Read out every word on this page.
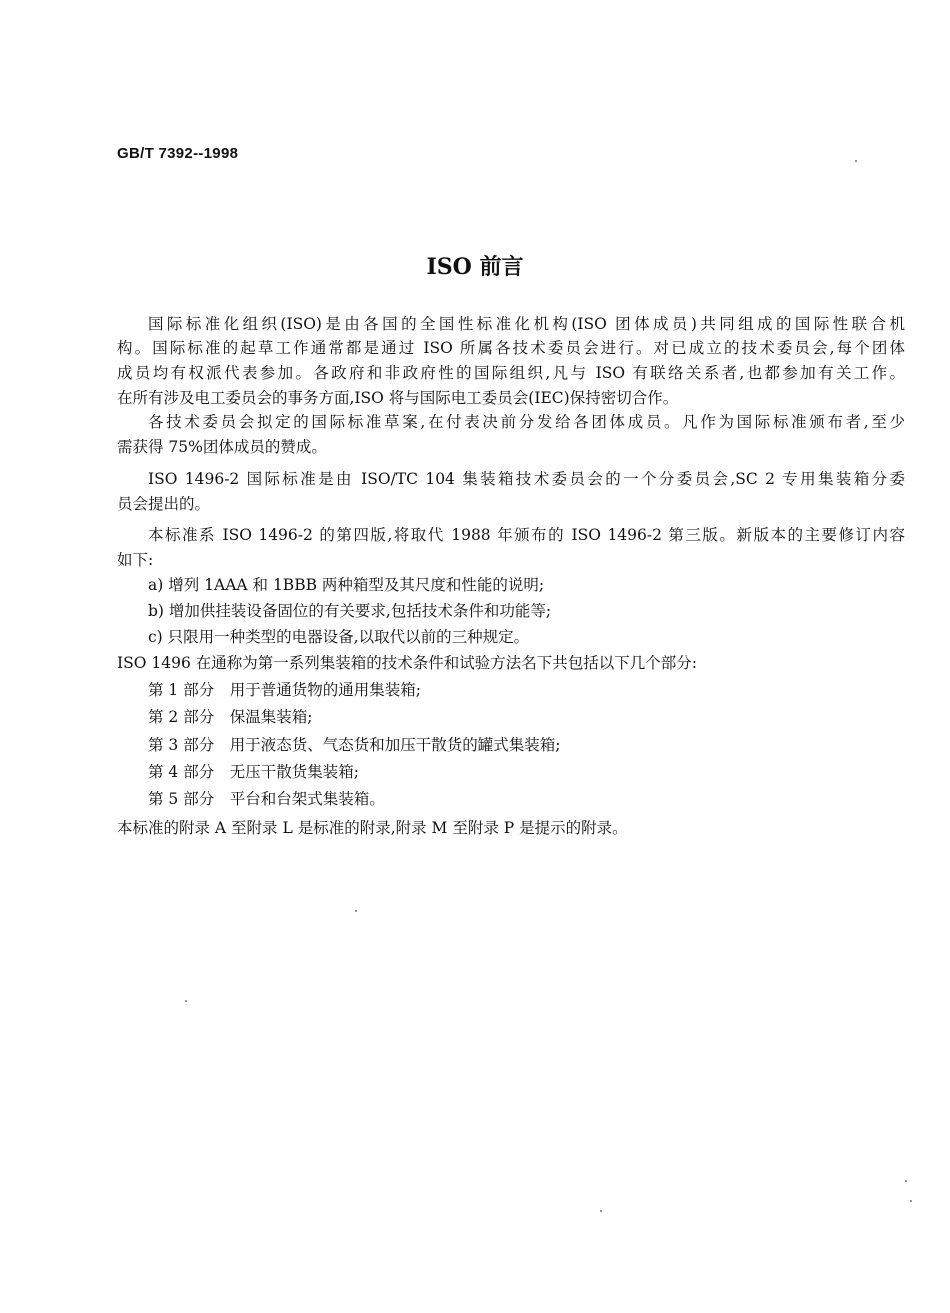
GB/T 7392--1998
ISO 前言
国际标准化组织(ISO)是由各国的全国性标准化机构(ISO 团体成员)共同组成的国际性联合机
构。国际标准的起草工作通常都是通过 ISO 所属各技术委员会进行。对已成立的技术委员会,每个团体
成员均有权派代表参加。各政府和非政府性的国际组织,凡与 ISO 有联络关系者,也都参加有关工作。
在所有涉及电工委员会的事务方面,ISO 将与国际电工委员会(IEC)保持密切合作。
各技术委员会拟定的国际标准草案,在付表决前分发给各团体成员。凡作为国际标准颁布者,至少
需获得 75%团体成员的赞成。
ISO 1496-2 国际标准是由 ISO/TC 104 集装箱技术委员会的一个分委员会,SC 2 专用集装箱分委
员会提出的。
本标准系 ISO 1496-2 的第四版,将取代 1988 年颁布的 ISO 1496-2 第三版。新版本的主要修订内容
如下:
a) 增列 1AAA 和 1BBB 两种箱型及其尺度和性能的说明;
b) 增加供挂装设备固位的有关要求,包括技术条件和功能等;
c) 只限用一种类型的电器设备,以取代以前的三种规定。
ISO 1496 在通称为第一系列集装箱的技术条件和试验方法名下共包括以下几个部分:
第 1 部分　用于普通货物的通用集装箱;
第 2 部分　保温集装箱;
第 3 部分　用于液态货、气态货和加压干散货的罐式集装箱;
第 4 部分　无压干散货集装箱;
第 5 部分　平台和台架式集装箱。
本标准的附录 A 至附录 L 是标准的附录,附录 M 至附录 P 是提示的附录。
